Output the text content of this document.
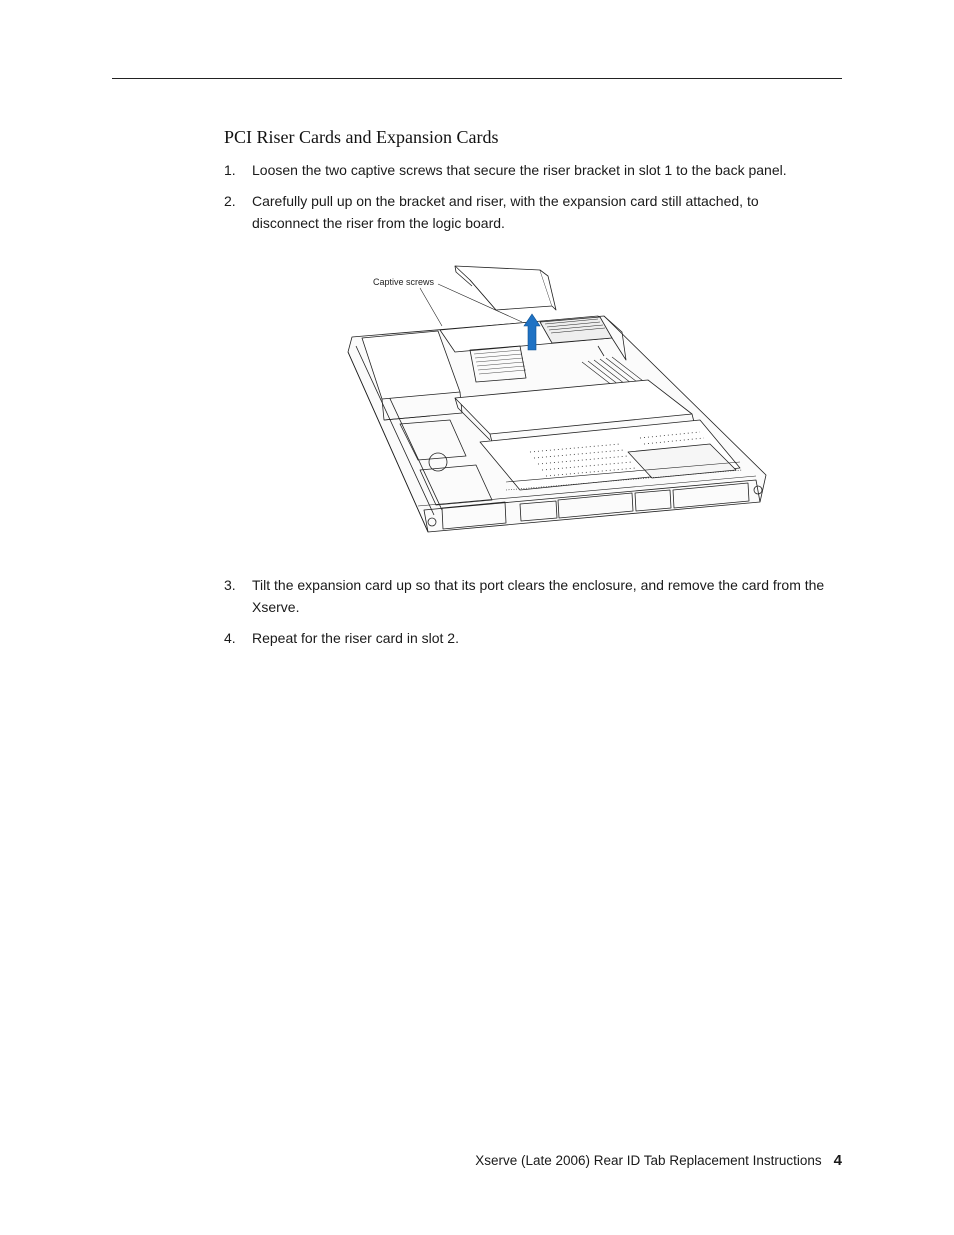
PCI Riser Cards and Expansion Cards
1. Loosen the two captive screws that secure the riser bracket in slot 1 to the back panel.
2. Carefully pull up on the bracket and riser, with the expansion card still attached, to disconnect the riser from the logic board.
Captive screws
3. Tilt the expansion card up so that its port clears the enclosure, and remove the card from the Xserve.
4. Repeat for the riser card in slot 2.
Xserve (Late 2006) Rear ID Tab Replacement Instructions 4
